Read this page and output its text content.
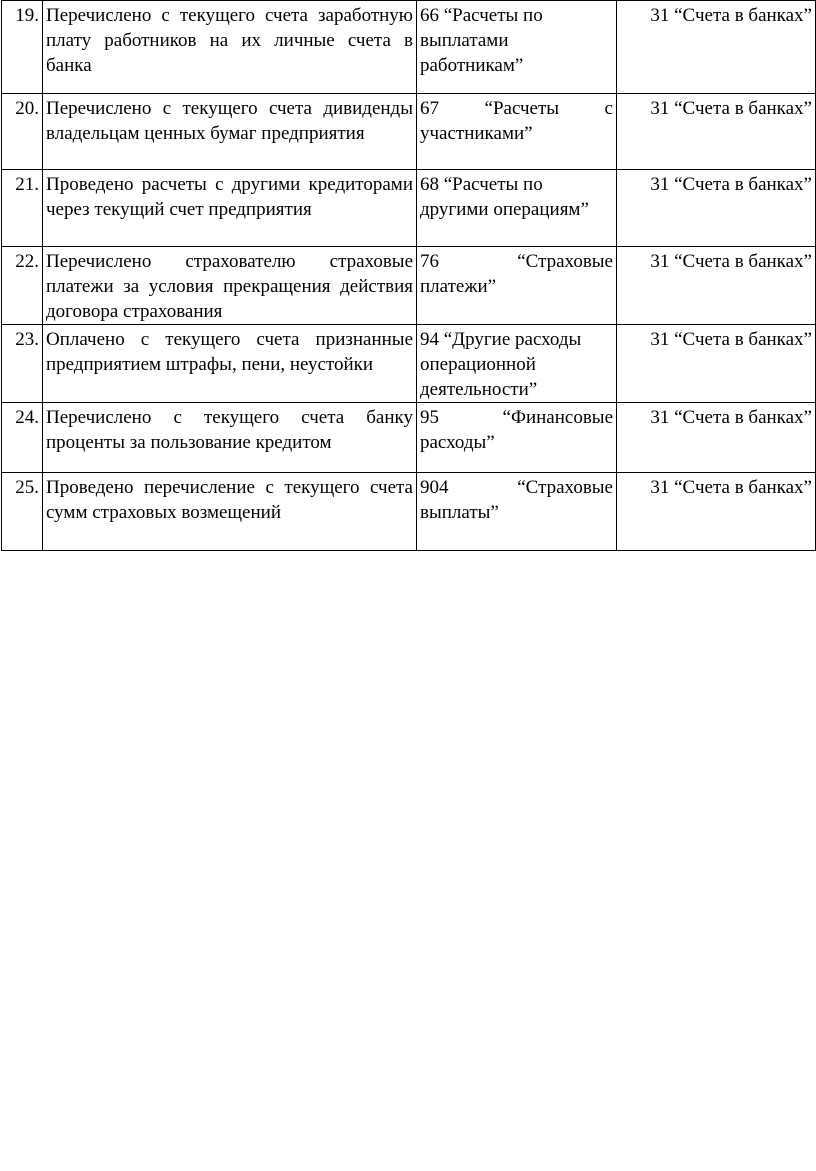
19.	Перечислено с текущего счета заработную плату работников на их личные счета в банка	66 “Расчеты по выплатами работникам”	31 “Счета в банках”
20.	Перечислено с текущего счета дивиденды владельцам ценных бумаг предприятия	67 “Расчеты с участниками”	31 “Счета в банках”
21.	Проведено расчеты с другими кредиторами через текущий счет предприятия	68 “Расчеты по другими операциям”	31 “Счета в банках”
22.	Перечислено страхователю страховые платежи за условия прекращения действия договора страхования	76 “Страховые платежи”	31 “Счета в банках”
23.	Оплачено с текущего счета признанные предприятием штрафы, пени, неустойки	94 “Другие расходы операционной деятельности”	31 “Счета в банках”
24.	Перечислено с текущего счета банку проценты за пользование кредитом	95 “Финансовые расходы”	31 “Счета в банках”
25.	Проведено перечисление с текущего счета сумм страховых возмещений	904 “Страховые выплаты”	31 “Счета в банках”
